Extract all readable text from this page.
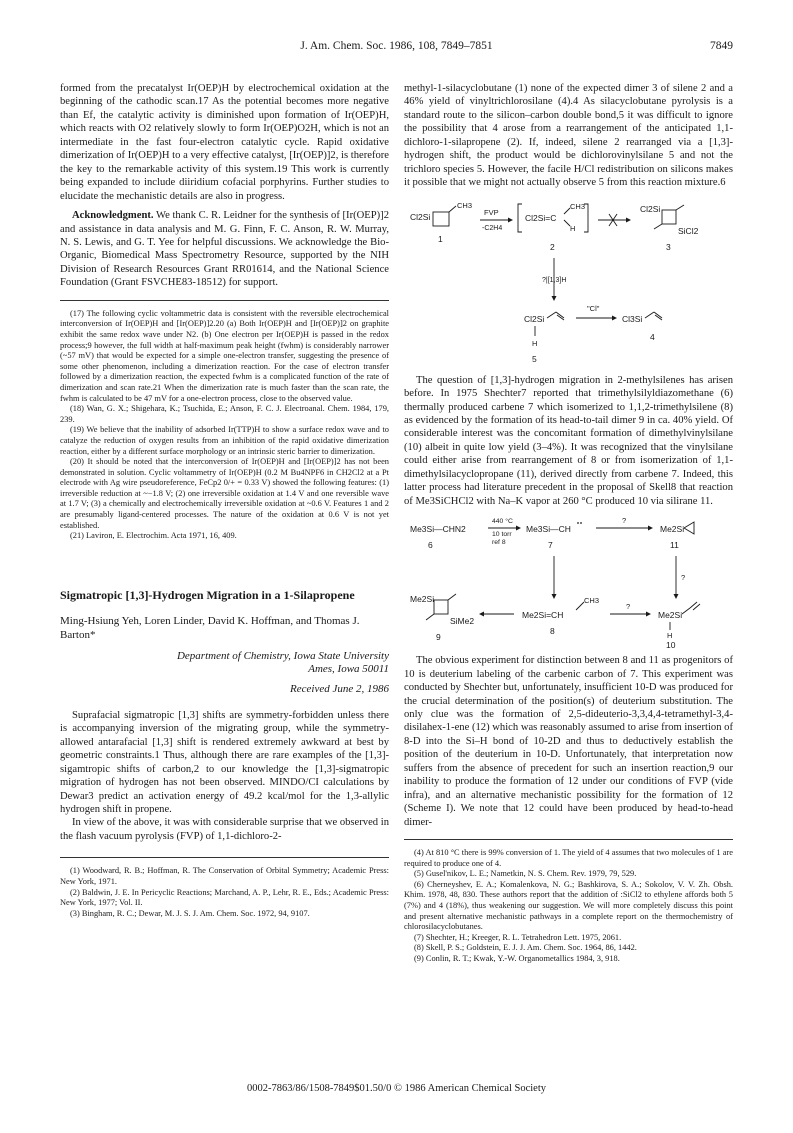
J. Am. Chem. Soc. 1986, 108, 7849–7851	7849

formed from the precatalyst Ir(OEP)H by electrochemical oxidation at the beginning of the cathodic scan.17 As the potential becomes more negative than Ef, the catalytic activity is diminished upon formation of Ir(OEP)H, which reacts with O2 relatively slowly to form Ir(OEP)O2H, which is not an intermediate in the fast four-electron catalytic cycle. Rapid oxidative dimerization of Ir(OEP)H to a very effective catalyst, [Ir(OEP)]2, is therefore the key to the remarkable activity of this system.19 This work is currently being expanded to include diiridium cofacial porphyrins. Further studies to elucidate the mechanistic details are also in progress.

Acknowledgment. We thank C. R. Leidner for the synthesis of [Ir(OEP)]2 and assistance in data analysis and M. G. Finn, F. C. Anson, R. W. Murray, N. S. Lewis, and G. T. Yee for helpful discussions. We acknowledge the Bio-Organic, Biomedical Mass Spectrometry Resource, supported by the NIH Division of Research Resources Grant RR01614, and the National Science Foundation (Grant FSVCHE83-18512) for support.

(17) The following cyclic voltammetric data is consistent with the reversible electrochemical interconversion of Ir(OEP)H and [Ir(OEP)]2.20 (a) Both Ir(OEP)H and [Ir(OEP)]2 on graphite exhibit the same redox wave under N2. (b) One electron per Ir(OEP)H is passed in the redox process;9 however, the full width at half-maximum peak height (fwhm) is considerably narrower (~57 mV) that would be expected for a simple one-electron transfer, suggesting the presence of some other phenomenon, including a dimerization reaction. For the case of electron transfer followed by a dimerization reaction, the expected fwhm is a complicated function of the rate of dimerization and scan rate.21 When the dimerization rate is much faster than the scan rate, the fwhm is calculated to be 47 mV for a one-electron process, close to the observed value.

(18) Wan, G. X.; Shigehara, K.; Tsuchida, E.; Anson, F. C. J. Electroanal. Chem. 1984, 179, 239.

(19) We believe that the inability of adsorbed Ir(TTP)H to show a surface redox wave and to catalyze the reduction of oxygen results from an inhibition of the rapid oxidative dimerization reaction, either by a different surface morphology or an intrinsic steric barrier to dimerization.

(20) It should be noted that the interconversion of Ir(OEP)H and [Ir(OEP)]2 has not been demonstrated in solution. Cyclic voltammetry of Ir(OEP)H (0.2 M Bu4NPF6 in CH2Cl2 at a Pt electrode with Ag wire pseudoreference, FeCp2 0/+ = 0.33 V) showed the following features: (1) irreversible reduction at ~−1.8 V; (2) one irreversible oxidation at 1.4 V and one reversible wave at 1.7 V; (3) a chemically and electrochemically irreversible oxidation at ~0.6 V. Features 1 and 2 are presumably ligand-centered processes. The nature of the oxidation at 0.6 V is not yet established.

(21) Laviron, E. Electrochim. Acta 1971, 16, 409.

Sigmatropic [1,3]-Hydrogen Migration in a 1-Silapropene

Ming-Hsiung Yeh, Loren Linder, David K. Hoffman, and Thomas J. Barton*

Department of Chemistry, Iowa State University
Ames, Iowa 50011

Received June 2, 1986

Suprafacial sigmatropic [1,3] shifts are symmetry-forbidden unless there is accompanying inversion of the migrating group, while the symmetry-allowed antarafacial [1,3] shift is rendered extremely awkward at best by geometric constraints.1 Thus, although there are rare examples of the [1,3]-sigamtropic shifts of carbon,2 to our knowledge the [1,3]-sigmatropic migration of hydrogen has not been observed. MINDO/CI calculations by Dewar3 predict an activation energy of 49.2 kcal/mol for the 1,3-allylic hydrogen shift in propene.

In view of the above, it was with considerable surprise that we observed in the flash vacuum pyrolysis (FVP) of 1,1-dichloro-2-

(1) Woodward, R. B.; Hoffman, R. The Conservation of Orbital Symmetry; Academic Press: New York, 1971.

(2) Baldwin, J. E. In Pericyclic Reactions; Marchand, A. P., Lehr, R. E., Eds.; Academic Press: New York, 1977; Vol. II.

(3) Bingham, R. C.; Dewar, M. J. S. J. Am. Chem. Soc. 1972, 94, 9107.

methyl-1-silacyclobutane (1) none of the expected dimer 3 of silene 2 and a 46% yield of vinyltrichlorosilane (4).4 As silacyclobutane pyrolysis is a standard route to the silicon–carbon double bond,5 it was difficult to ignore the possibility that 4 arose from a rearrangement of the anticipated 1,1-dichloro-1-silapropene (2). If, indeed, silene 2 rearranged via a [1,3]-hydrogen shift, the product would be dichlorovinylsilane 5 and not the trichloro species 5. However, the facile H/Cl redistribution on silicons makes it possible that we might not actually observe 5 from this reaction mixture.6

Cl2Si
CH3
1
FVP
-C2H4
Cl2Si=C
CH3
H
2
Cl2Si
SiCl2
3
?|[1,3]H
Cl2Si
H
5
"Cl"
Cl3Si
4

The question of [1,3]-hydrogen migration in 2-methylsilenes has arisen before. In 1975 Shechter7 reported that trimethylsilyldiazomethane (6) thermally produced carbene 7 which isomerized to 1,1,2-trimethylsilene (8) as evidenced by the formation of its head-to-tail dimer 9 in ca. 40% yield. Of considerable interest was the concomitant formation of dimethylvinylsilane (10) albeit in quite low yield (3–4%). It was recognized that the vinylsilane could either arise from rearrangement of 8 or from isomerization of 1,1-dimethylsilacyclopropane (11), derived directly from carbene 7. Indeed, this latter process had literature precedent in the proposal of Skell8 that reaction of Me3SiCHCl2 with Na–K vapor at 260 °C produced 10 via silirane 11.

Me3Si—CHN2
6
440 °C
10 torr
ref 8
Me3Si—CH
7
?
Me2Si
11
?
Me2Si
SiMe2
9
Me2Si=CH
CH3
8
?
Me2Si
H
10

The obvious experiment for distinction between 8 and 11 as progenitors of 10 is deuterium labeling of the carbenic carbon of 7. This experiment was conducted by Shechter but, unfortunately, insufficient 10-D was produced for the crucial determination of the position(s) of deuterium substitution. The only clue was the formation of 2,5-dideuterio-3,3,4,4-tetramethyl-3,4-disilahex-1-ene (12) which was reasonably assumed to arise from insertion of 8-D into the Si–H bond of 10-2D and thus to deductively establish the position of the deuterium in 10-D. Unfortunately, that interpretation now suffers from the absence of precedent for such an insertion reaction,9 our inability to produce the formation of 12 under our conditions of FVP (vide infra), and an alternative mechanistic possibility for the formation of 12 (Scheme I). We note that 12 could have been produced by head-to-head dimer-

(4) At 810 °C there is 99% conversion of 1. The yield of 4 assumes that two molecules of 1 are required to produce one of 4.

(5) Gusel'nikov, L. E.; Nametkin, N. S. Chem. Rev. 1979, 79, 529.

(6) Cherneyshev, E. A.; Komalenkova, N. G.; Bashkirova, S. A.; Sokolov, V. V. Zh. Obsh. Khim. 1978, 48, 830. These authors report that the addition of :SiCl2 to ethylene affords both 5 (7%) and 4 (18%), thus weakening our suggestion. We will more completely discuss this point and present alternative mechanistic pathways in a complete report on the thermochemistry of chlorosilacyclobutanes.

(7) Shechter, H.; Kreeger, R. L. Tetrahedron Lett. 1975, 2061.

(8) Skell, P. S.; Goldstein, E. J. J. Am. Chem. Soc. 1964, 86, 1442.

(9) Conlin, R. T.; Kwak, Y.-W. Organometallics 1984, 3, 918.

0002-7863/86/1508-7849$01.50/0 © 1986 American Chemical Society
